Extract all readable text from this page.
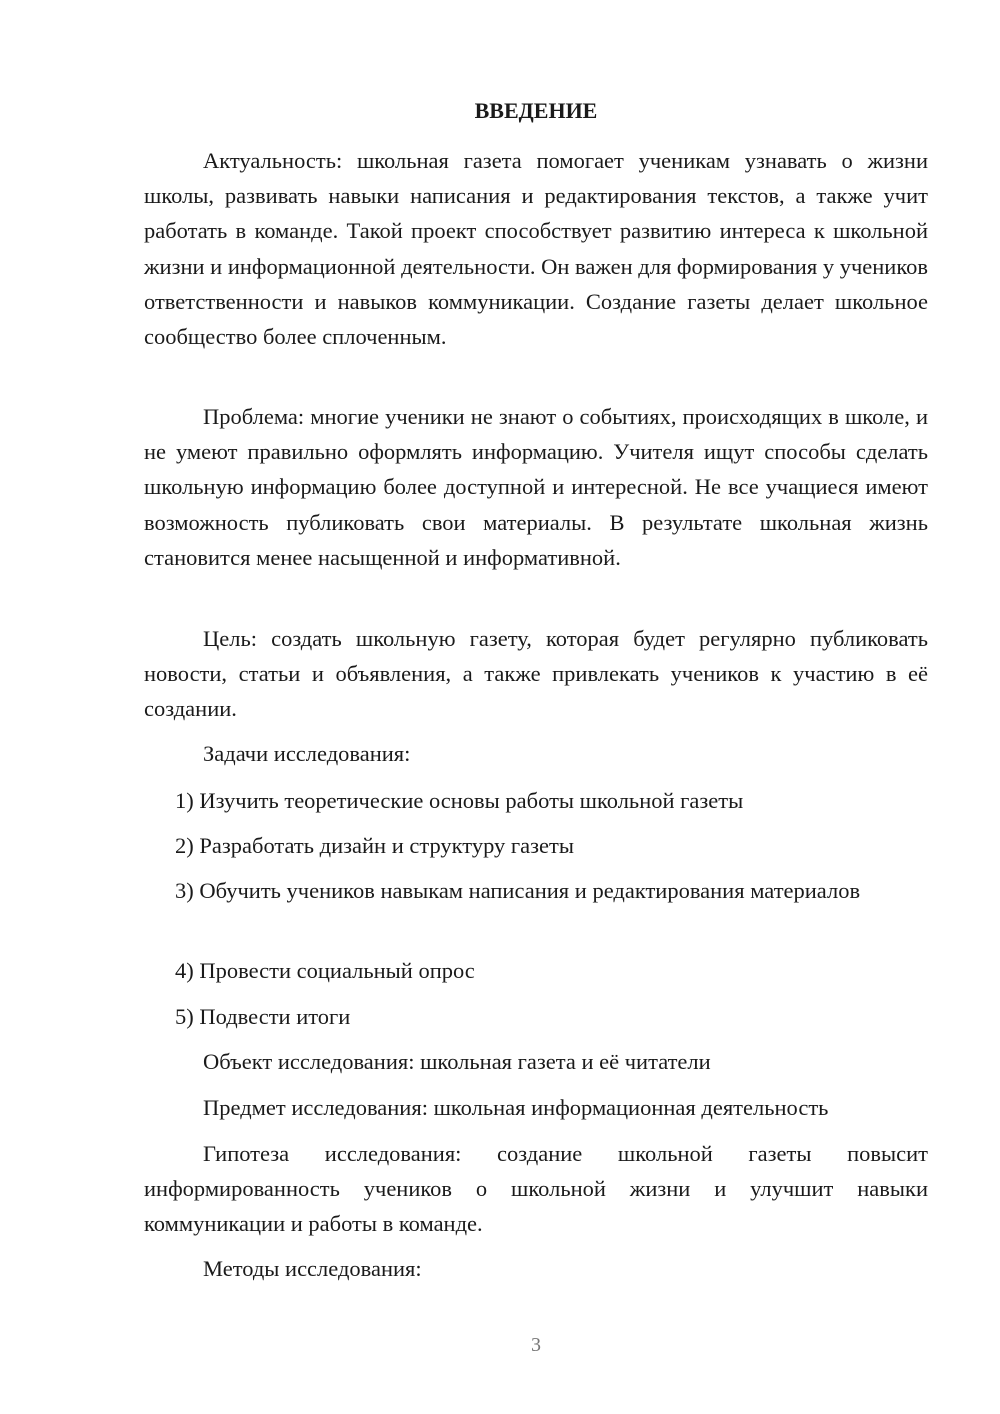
ВВЕДЕНИЕ

Актуальность: школьная газета помогает ученикам узнавать о жизни школы, развивать навыки написания и редактирования текстов, а также учит работать в команде. Такой проект способствует развитию интереса к школьной жизни и информационной деятельности. Он важен для формирования у учеников ответственности и навыков коммуникации. Создание газеты делает школьное сообщество более сплоченным.

Проблема: многие ученики не знают о событиях, происходящих в школе, и не умеют правильно оформлять информацию. Учителя ищут способы сделать школьную информацию более доступной и интересной. Не все учащиеся имеют возможность публиковать свои материалы. В результате школьная жизнь становится менее насыщенной и информативной.

Цель: создать школьную газету, которая будет регулярно публиковать новости, статьи и объявления, а также привлекать учеников к участию в её создании.

Задачи исследования:

1) Изучить теоретические основы работы школьной газеты

2) Разработать дизайн и структуру газеты

3) Обучить учеников навыкам написания и редактирования материалов

4) Провести социальный опрос

5) Подвести итоги

Объект исследования: школьная газета и её читатели

Предмет исследования: школьная информационная деятельность

Гипотеза исследования: создание школьной газеты повысит информированность учеников о школьной жизни и улучшит навыки коммуникации и работы в команде.

Методы исследования:

3
